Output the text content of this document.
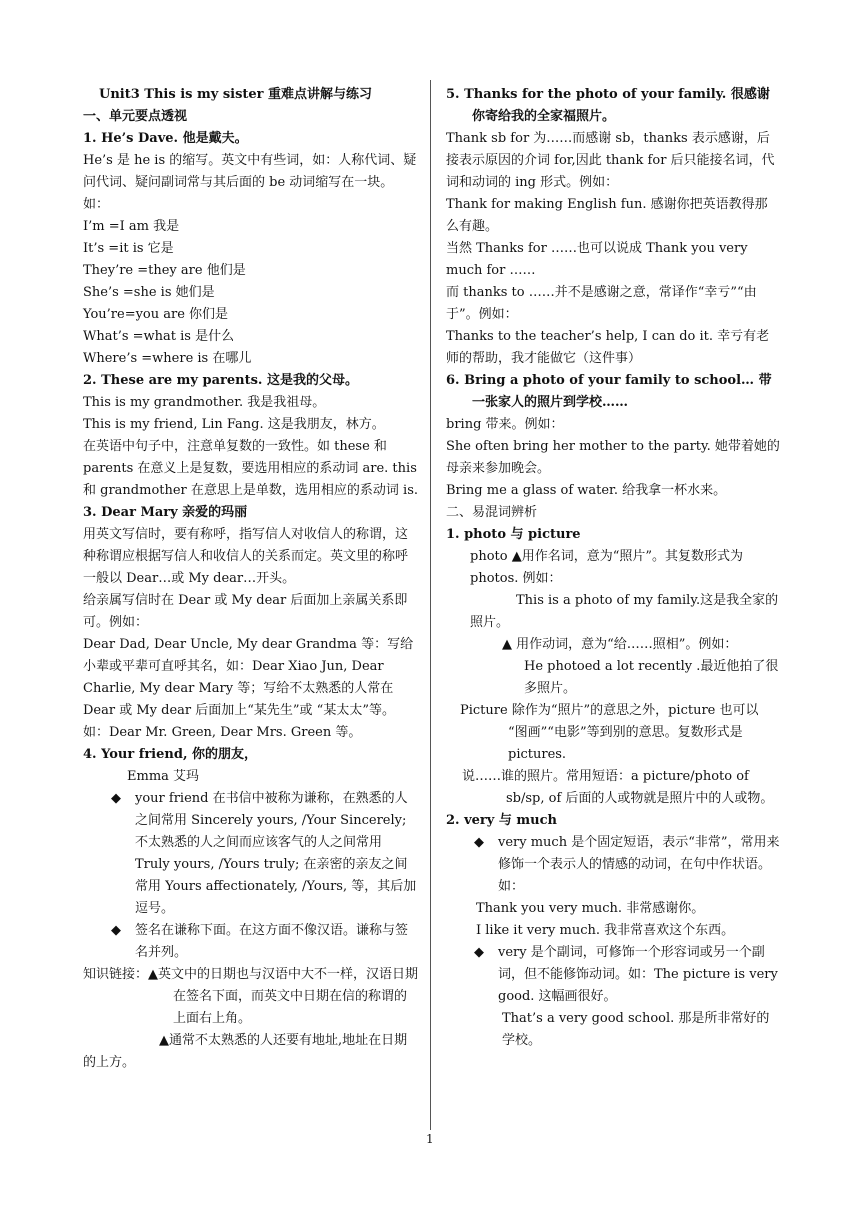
Unit3 This is my sister 重难点讲解与练习
一、单元要点透视
1. He’s Dave. 他是戴夫。
He’s 是 he is 的缩写。英文中有些词，如：人称代词、疑问代词、疑问副词常与其后面的 be 动词缩写在一块。如：
I’m =I am 我是
It’s =it is 它是
They’re =they are 他们是
She’s =she is 她们是
You’re=you are 你们是
What’s =what is 是什么
Where’s =where is 在哪儿
2. These are my parents. 这是我的父母。
This is my grandmother. 我是我祖母。
This is my friend, Lin Fang. 这是我朋友，林方。
在英语中句子中，注意单复数的一致性。如 these 和 parents 在意义上是复数，要选用相应的系动词 are. this 和 grandmother 在意思上是单数，选用相应的系动词 is.
3. Dear Mary 亲爱的玛丽
用英文写信时，要有称呼，指写信人对收信人的称谓，这种称谓应根据写信人和收信人的关系而定。英文里的称呼一般以 Dear…或 My dear…开头。
给亲属写信时在 Dear 或 My dear 后面加上亲属关系即可。例如：
Dear Dad, Dear Uncle, My dear Grandma 等：写给小辈或平辈可直呼其名，如：Dear Xiao Jun, Dear Charlie, My dear Mary 等；写给不太熟悉的人常在 Dear 或 My dear 后面加上“某先生”或 “某太太”等。如：Dear Mr. Green, Dear Mrs. Green 等。
4. Your friend, 你的朋友，
Emma 艾玛
◆ your friend 在书信中被称为谦称，在熟悉的人之间常用 Sincerely yours, /Your Sincerely; 不太熟悉的人之间而应该客气的人之间常用 Truly yours, /Yours truly; 在亲密的亲友之间常用 Yours affectionately, /Yours, 等，其后加逗号。
◆ 签名在谦称下面。在这方面不像汉语。谦称与签名并列。
知识链接：▲英文中的日期也与汉语中大不一样，汉语日期在签名下面，而英文中日期在信的称谓的上面右上角。
▲通常不太熟悉的人还要有地址,地址在日期的上方。
5. Thanks for the photo of your family. 很感谢你寄给我的全家福照片。
Thank sb for 为……而感谢 sb，thanks 表示感谢，后接表示原因的介词 for,因此 thank for 后只能接名词，代词和动词的 ing 形式。例如：
Thank for making English fun. 感谢你把英语教得那么有趣。
当然 Thanks for ……也可以说成 Thank you very much for ……
而 thanks to ……并不是感谢之意，常译作“幸亏”“由于”。例如：
Thanks to the teacher’s help, I can do it. 幸亏有老师的帮助，我才能做它（这件事）
6. Bring a photo of your family to school… 带一张家人的照片到学校……
bring 带来。例如：
She often bring her mother to the party. 她带着她的母亲来参加晚会。
Bring me a glass of water. 给我拿一杯水来。
二、易混词辨析
1. photo 与 picture
photo ▲用作名词，意为“照片”。其复数形式为 photos. 例如：
This is a photo of my family.这是我全家的照片。
▲ 用作动词，意为“给……照相”。例如：
He photoed a lot recently .最近他拍了很多照片。
Picture 除作为“照片”的意思之外，picture 也可以 “图画”“电影”等到别的意思。复数形式是 pictures.
说……谁的照片。常用短语：a picture/photo of sb/sp, of 后面的人或物就是照片中的人或物。
2. very 与 much
◆ very much 是个固定短语，表示“非常”，常用来修饰一个表示人的情感的动词，在句中作状语。如：
Thank you very much. 非常感谢你。
I like it very much. 我非常喜欢这个东西。
◆ very 是个副词，可修饰一个形容词或另一个副词，但不能修饰动词。如：The picture is very good. 这幅画很好。
That’s a very good school. 那是所非常好的学校。
1
